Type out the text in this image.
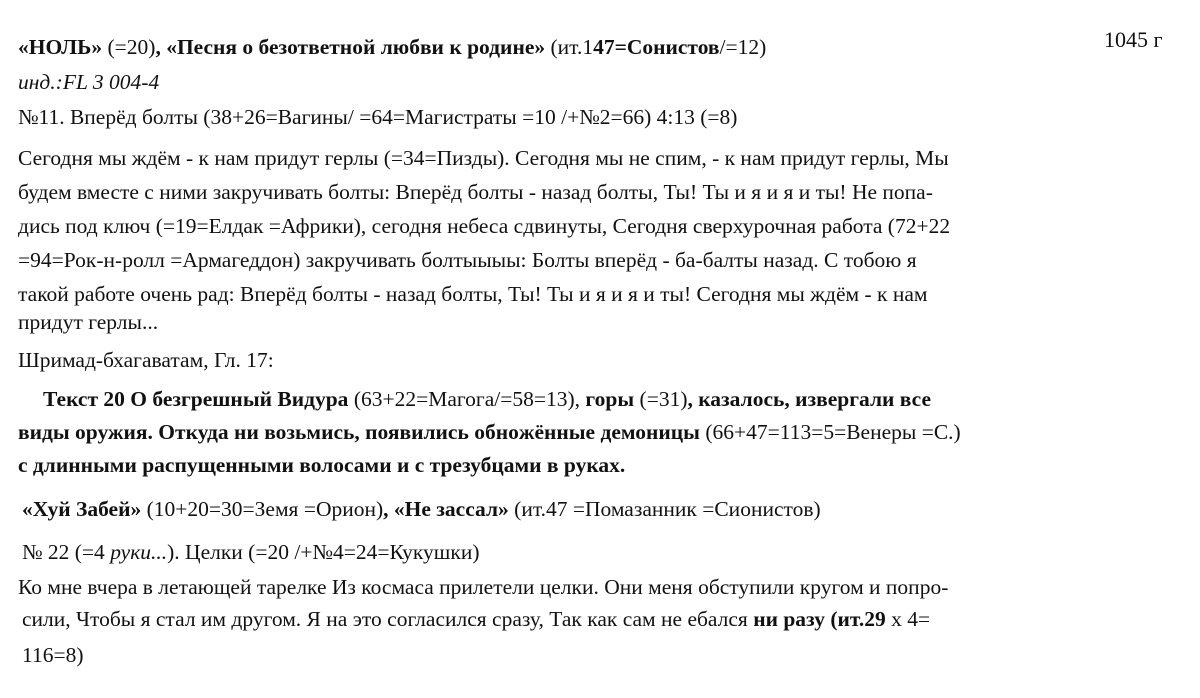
1045 г
«НОЛЬ» (=20), «Песня о безответной любви к родине» (ит.147=Сонистов/=12)
инд.:FL 3 004-4
№11. Вперёд болты (38+26=Вагины/ =64=Магистраты =10 /+№2=66) 4:13 (=8)
Сегодня мы ждём - к нам придут герлы (=34=Пизды). Сегодня мы не спим, - к нам придут герлы, Мы
будем вместе с ними закручивать болты: Вперёд болты - назад болты, Ты! Ты и я и я и ты! Не попа-
дись под ключ (=19=Елдак =Африки), сегодня небеса сдвинуты, Сегодня сверхурочная работа (72+22
=94=Рок-н-ролл =Армагеддон) закручивать болтыыыы: Болты вперёд - ба-балты назад. С тобою я
такой работе очень рад: Вперёд болты - назад болты, Ты! Ты и я и я и ты! Сегодня мы ждём - к нам
придут герлы...
Шримад-бхагаватам, Гл. 17:
Текст 20 О безгрешный Видура (63+22=Магога/=58=13), горы (=31), казалось, извергали все
виды оружия. Откуда ни возьмись, появились обнoжённые демоницы (66+47=113=5=Венеры =С.)
с длинными распущенными волосами и с трезубцами в руках.
«Хуй Забей» (10+20=30=Земя =Орион), «Не зассал» (ит.47 =Помазанник =Сионистов)
№ 22 (=4 руки...). Целки (=20 /+№4=24=Кукушки)
Ко мне вчера в летающей тарелке Из космаса прилетели целки. Они меня обступили кругом и попро-
сили, Чтобы я стал им другом. Я на это согласился сразу, Так как сам не ебался ни разу (ит.29 х 4=
116=8)
